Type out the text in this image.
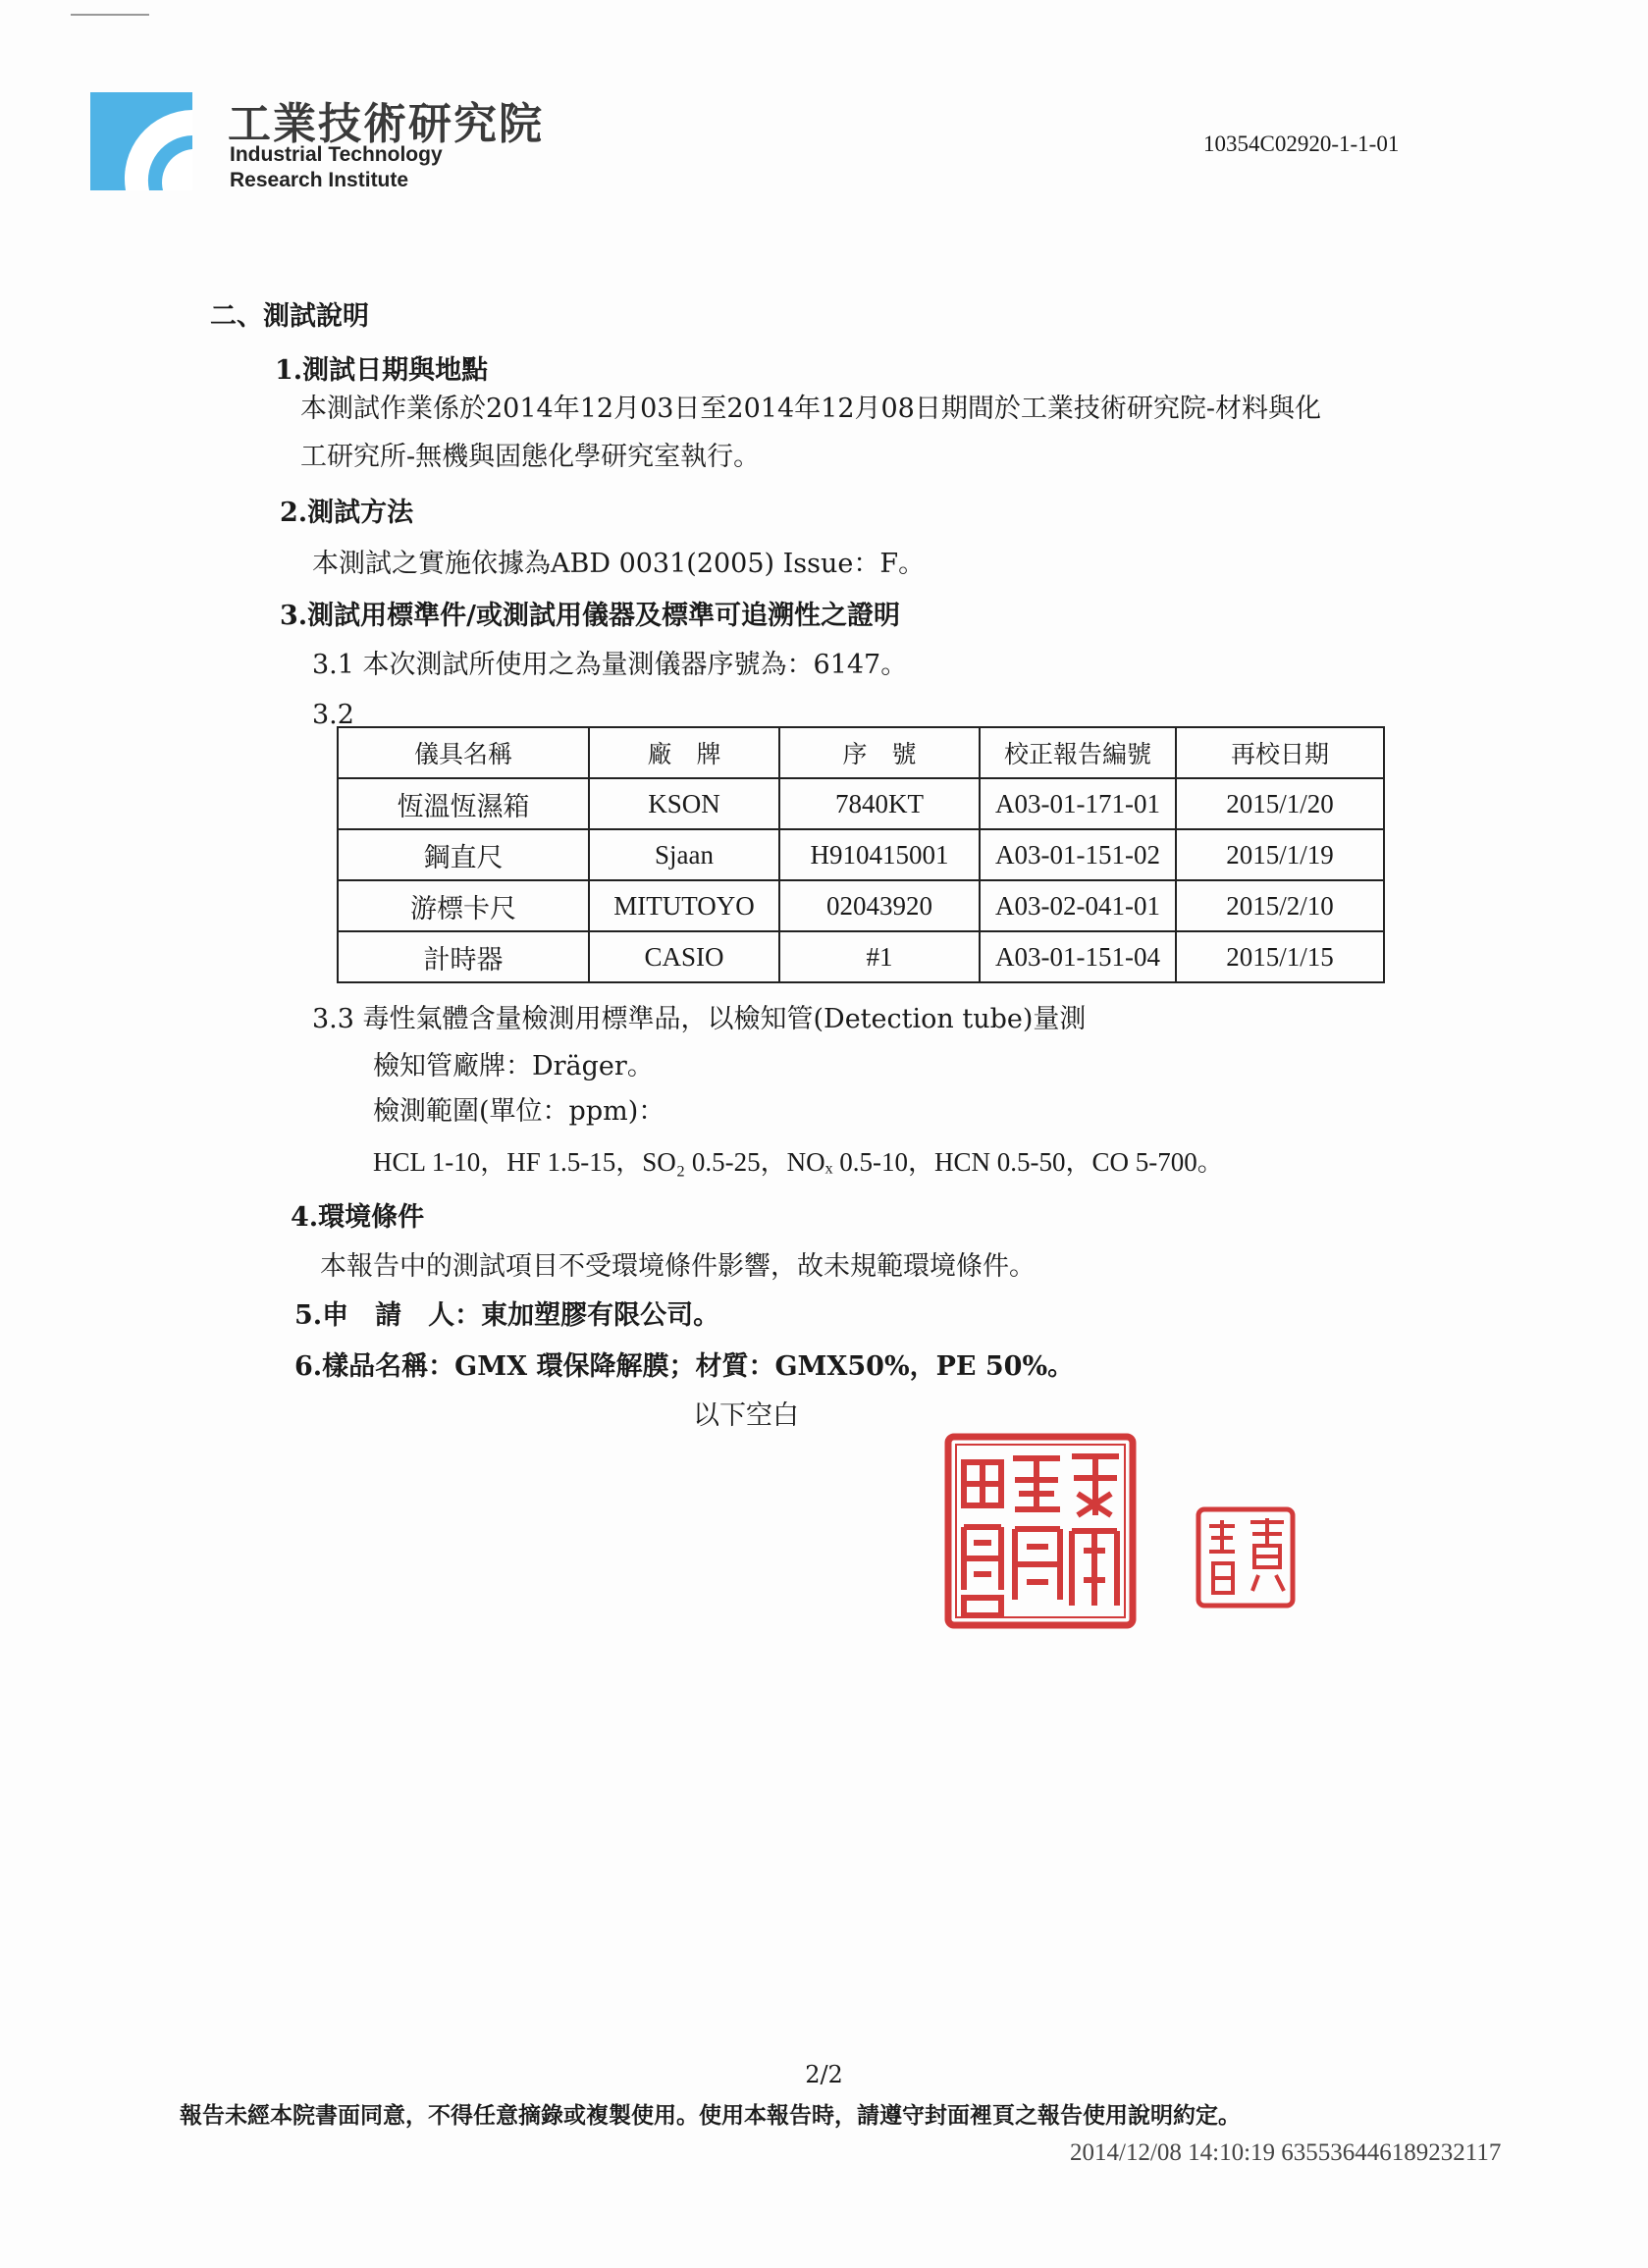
工業技術研究院
Industrial Technology
Research Institute
10354C02920-1-1-01
二、測試說明
1.測試日期與地點
本測試作業係於2014年12月03日至2014年12月08日期間於工業技術研究院-材料與化
工研究所-無機與固態化學研究室執行。
2.測試方法
本測試之實施依據為ABD 0031(2005) Issue：F。
3.測試用標準件/或測試用儀器及標準可追溯性之證明
3.1 本次測試所使用之為量測儀器序號為：6147。
3.2
儀具名稱	廠　牌	序　號	校正報告編號	再校日期
恆溫恆濕箱	KSON	7840KT	A03-01-171-01	2015/1/20
鋼直尺	Sjaan	H910415001	A03-01-151-02	2015/1/19
游標卡尺	MITUTOYO	02043920	A03-02-041-01	2015/2/10
計時器	CASIO	#1	A03-01-151-04	2015/1/15
3.3 毒性氣體含量檢測用標準品，以檢知管(Detection tube)量測
檢知管廠牌：Dräger。
檢測範圍(單位：ppm)：
HCL 1-10，HF 1.5-15，SO₂ 0.5-25，NOₓ 0.5-10，HCN 0.5-50，CO 5-700。
4.環境條件
本報告中的測試項目不受環境條件影響，故未規範環境條件。
5.申　請　人：東加塑膠有限公司。
6.樣品名稱：GMX 環保降解膜；材質：GMX50%，PE 50%。
以下空白
2/2
報告未經本院書面同意，不得任意摘錄或複製使用。使用本報告時，請遵守封面裡頁之報告使用說明約定。
2014/12/08 14:10:19 635536446189232117
